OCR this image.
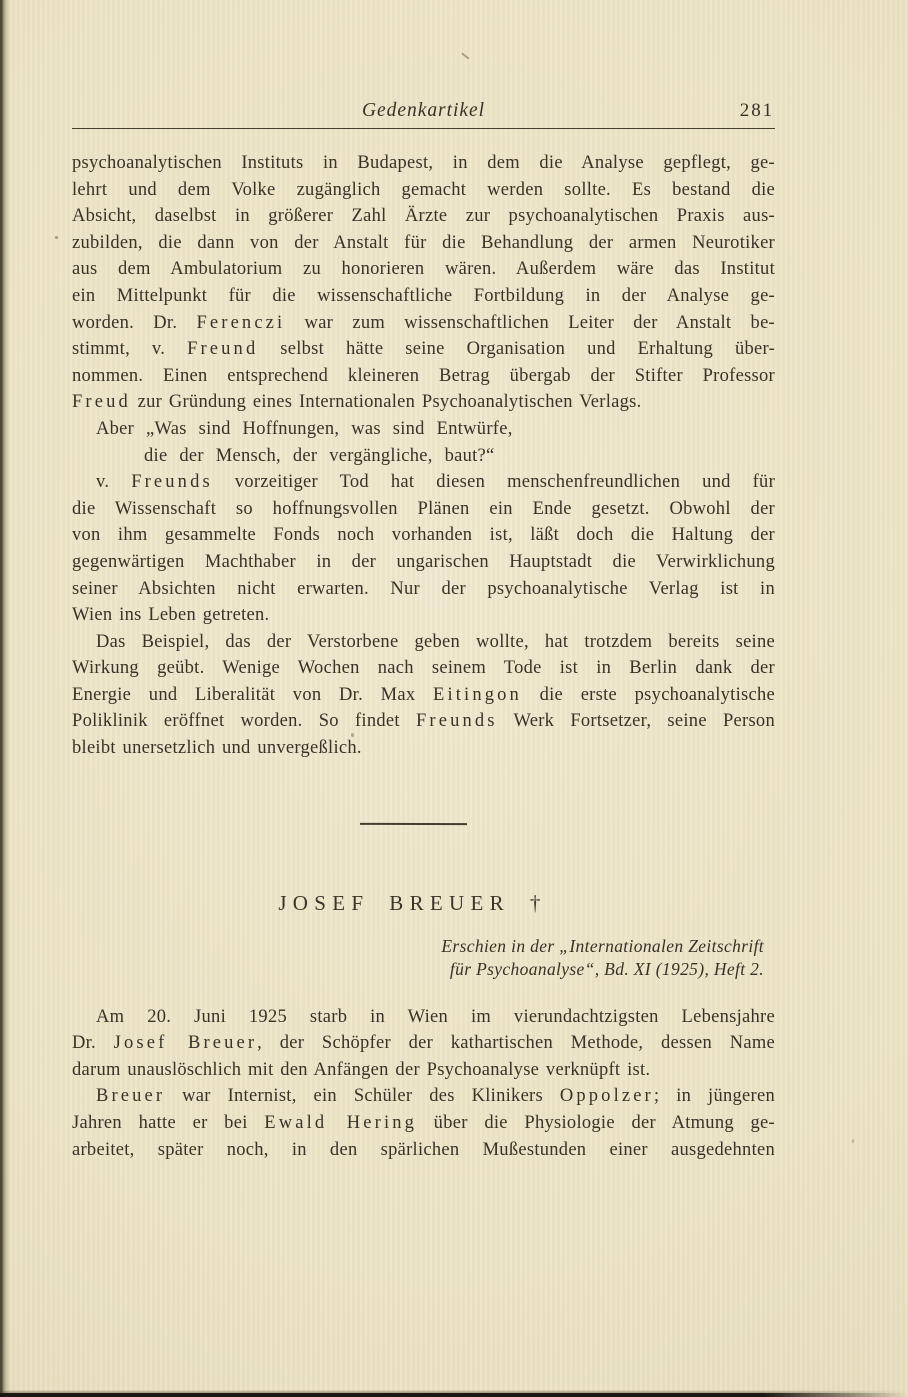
Gedenkartikel	281
psychoanalytischen Instituts in Budapest, in dem die Analyse gepflegt, ge-
lehrt und dem Volke zugänglich gemacht werden sollte. Es bestand die
Absicht, daselbst in größerer Zahl Ärzte zur psychoanalytischen Praxis aus-
zubilden, die dann von der Anstalt für die Behandlung der armen Neurotiker
aus dem Ambulatorium zu honorieren wären. Außerdem wäre das Institut
ein Mittelpunkt für die wissenschaftliche Fortbildung in der Analyse ge-
worden. Dr. Ferenczi war zum wissenschaftlichen Leiter der Anstalt be-
stimmt, v. Freund selbst hätte seine Organisation und Erhaltung über-
nommen. Einen entsprechend kleineren Betrag übergab der Stifter Professor
Freud zur Gründung eines Internationalen Psychoanalytischen Verlags.
Aber „Was sind Hoffnungen, was sind Entwürfe,
die der Mensch, der vergängliche, baut?“
v. Freunds vorzeitiger Tod hat diesen menschenfreundlichen und für
die Wissenschaft so hoffnungsvollen Plänen ein Ende gesetzt. Obwohl der
von ihm gesammelte Fonds noch vorhanden ist, läßt doch die Haltung der
gegenwärtigen Machthaber in der ungarischen Hauptstadt die Verwirklichung
seiner Absichten nicht erwarten. Nur der psychoanalytische Verlag ist in
Wien ins Leben getreten.
Das Beispiel, das der Verstorbene geben wollte, hat trotzdem bereits seine
Wirkung geübt. Wenige Wochen nach seinem Tode ist in Berlin dank der
Energie und Liberalität von Dr. Max Eitingon die erste psychoanalytische
Poliklinik eröffnet worden. So findet Freunds Werk Fortsetzer, seine Person
bleibt unersetzlich und unvergeßlich.
JOSEF BREUER †
Erschien in der „Internationalen Zeitschrift
für Psychoanalyse“, Bd. XI (1925), Heft 2.
Am 20. Juni 1925 starb in Wien im vierundachtzigsten Lebensjahre
Dr. Josef Breuer, der Schöpfer der kathartischen Methode, dessen Name
darum unauslöschlich mit den Anfängen der Psychoanalyse verknüpft ist.
Breuer war Internist, ein Schüler des Klinikers Oppolzer; in jüngeren
Jahren hatte er bei Ewald Hering über die Physiologie der Atmung ge-
arbeitet, später noch, in den spärlichen Mußestunden einer ausgedehnten
